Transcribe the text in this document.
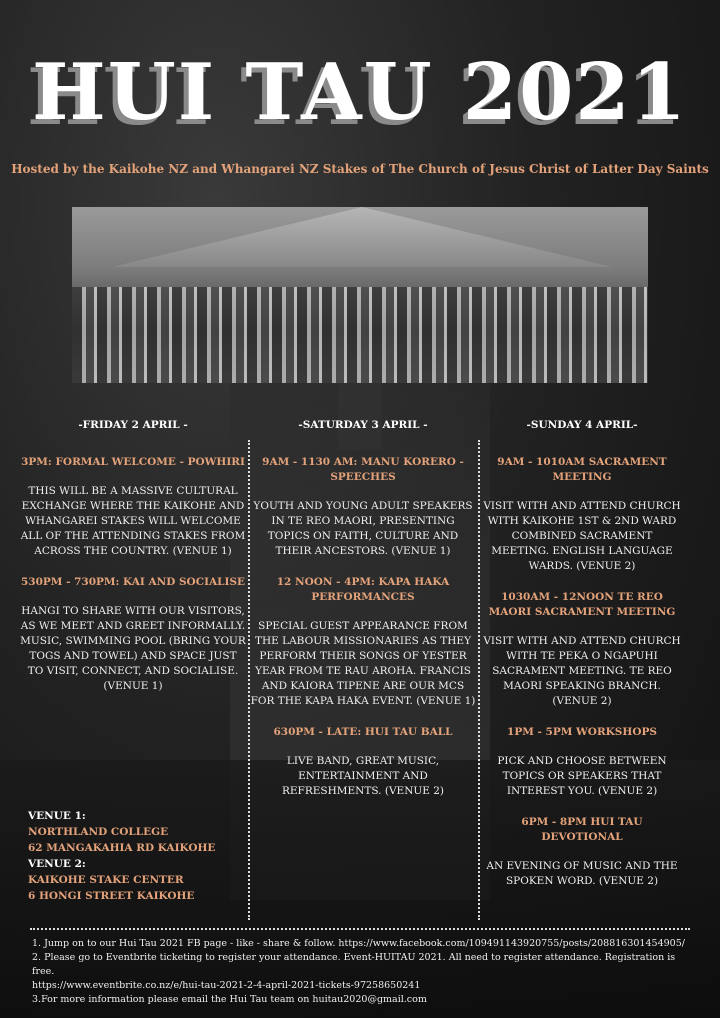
HUI TAU 2021
Hosted by the Kaikohe NZ and Whangarei NZ Stakes of The Church of Jesus Christ of Latter Day Saints
-FRIDAY 2 APRIL -
3PM: FORMAL WELCOME - POWHIRI
THIS WILL BE A MASSIVE CULTURAL EXCHANGE WHERE THE KAIKOHE AND WHANGAREI STAKES WILL WELCOME ALL OF THE ATTENDING STAKES FROM ACROSS THE COUNTRY. (VENUE 1)
530PM - 730PM: KAI AND SOCIALISE
HANGI TO SHARE WITH OUR VISITORS, AS WE MEET AND GREET INFORMALLY. MUSIC, SWIMMING POOL (BRING YOUR TOGS AND TOWEL) AND SPACE JUST TO VISIT, CONNECT, AND SOCIALISE. (VENUE 1)
-SATURDAY 3 APRIL -
9AM - 1130 AM: MANU KORERO - SPEECHES
YOUTH AND YOUNG ADULT SPEAKERS IN TE REO MAORI, PRESENTING TOPICS ON FAITH, CULTURE AND THEIR ANCESTORS. (VENUE 1)
12 NOON - 4PM: KAPA HAKA PERFORMANCES
SPECIAL GUEST APPEARANCE FROM THE LABOUR MISSIONARIES AS THEY PERFORM THEIR SONGS OF YESTER YEAR FROM TE RAU AROHA. FRANCIS AND KAIORA TIPENE ARE OUR MCS FOR THE KAPA HAKA EVENT. (VENUE 1)
630PM - LATE: HUI TAU BALL
LIVE BAND, GREAT MUSIC, ENTERTAINMENT AND REFRESHMENTS. (VENUE 2)
-SUNDAY 4 APRIL-
9AM - 1010AM SACRAMENT MEETING
VISIT WITH AND ATTEND CHURCH WITH KAIKOHE 1ST & 2ND WARD COMBINED SACRAMENT MEETING. ENGLISH LANGUAGE WARDS. (VENUE 2)
1030AM - 12NOON TE REO MAORI SACRAMENT MEETING
VISIT WITH AND ATTEND CHURCH WITH TE PEKA O NGAPUHI SACRAMENT MEETING. TE REO MAORI SPEAKING BRANCH. (VENUE 2)
1PM - 5PM WORKSHOPS
PICK AND CHOOSE BETWEEN TOPICS OR SPEAKERS THAT INTEREST YOU. (VENUE 2)
6PM - 8PM HUI TAU DEVOTIONAL
AN EVENING OF MUSIC AND THE SPOKEN WORD. (VENUE 2)
VENUE 1:
NORTHLAND COLLEGE
62 MANGAKAHIA RD KAIKOHE
VENUE 2:
KAIKOHE STAKE CENTER
6 HONGI STREET KAIKOHE
1. Jump on to our Hui Tau 2021 FB page - like - share & follow. https://www.facebook.com/109491143920755/posts/208816301454905/
2. Please go to Eventbrite ticketing to register your attendance. Event-HUITAU 2021. All need to register attendance. Registration is free.
https://www.eventbrite.co.nz/e/hui-tau-2021-2-4-april-2021-tickets-97258650241
3.For more information please email the Hui Tau team on huitau2020@gmail.com
